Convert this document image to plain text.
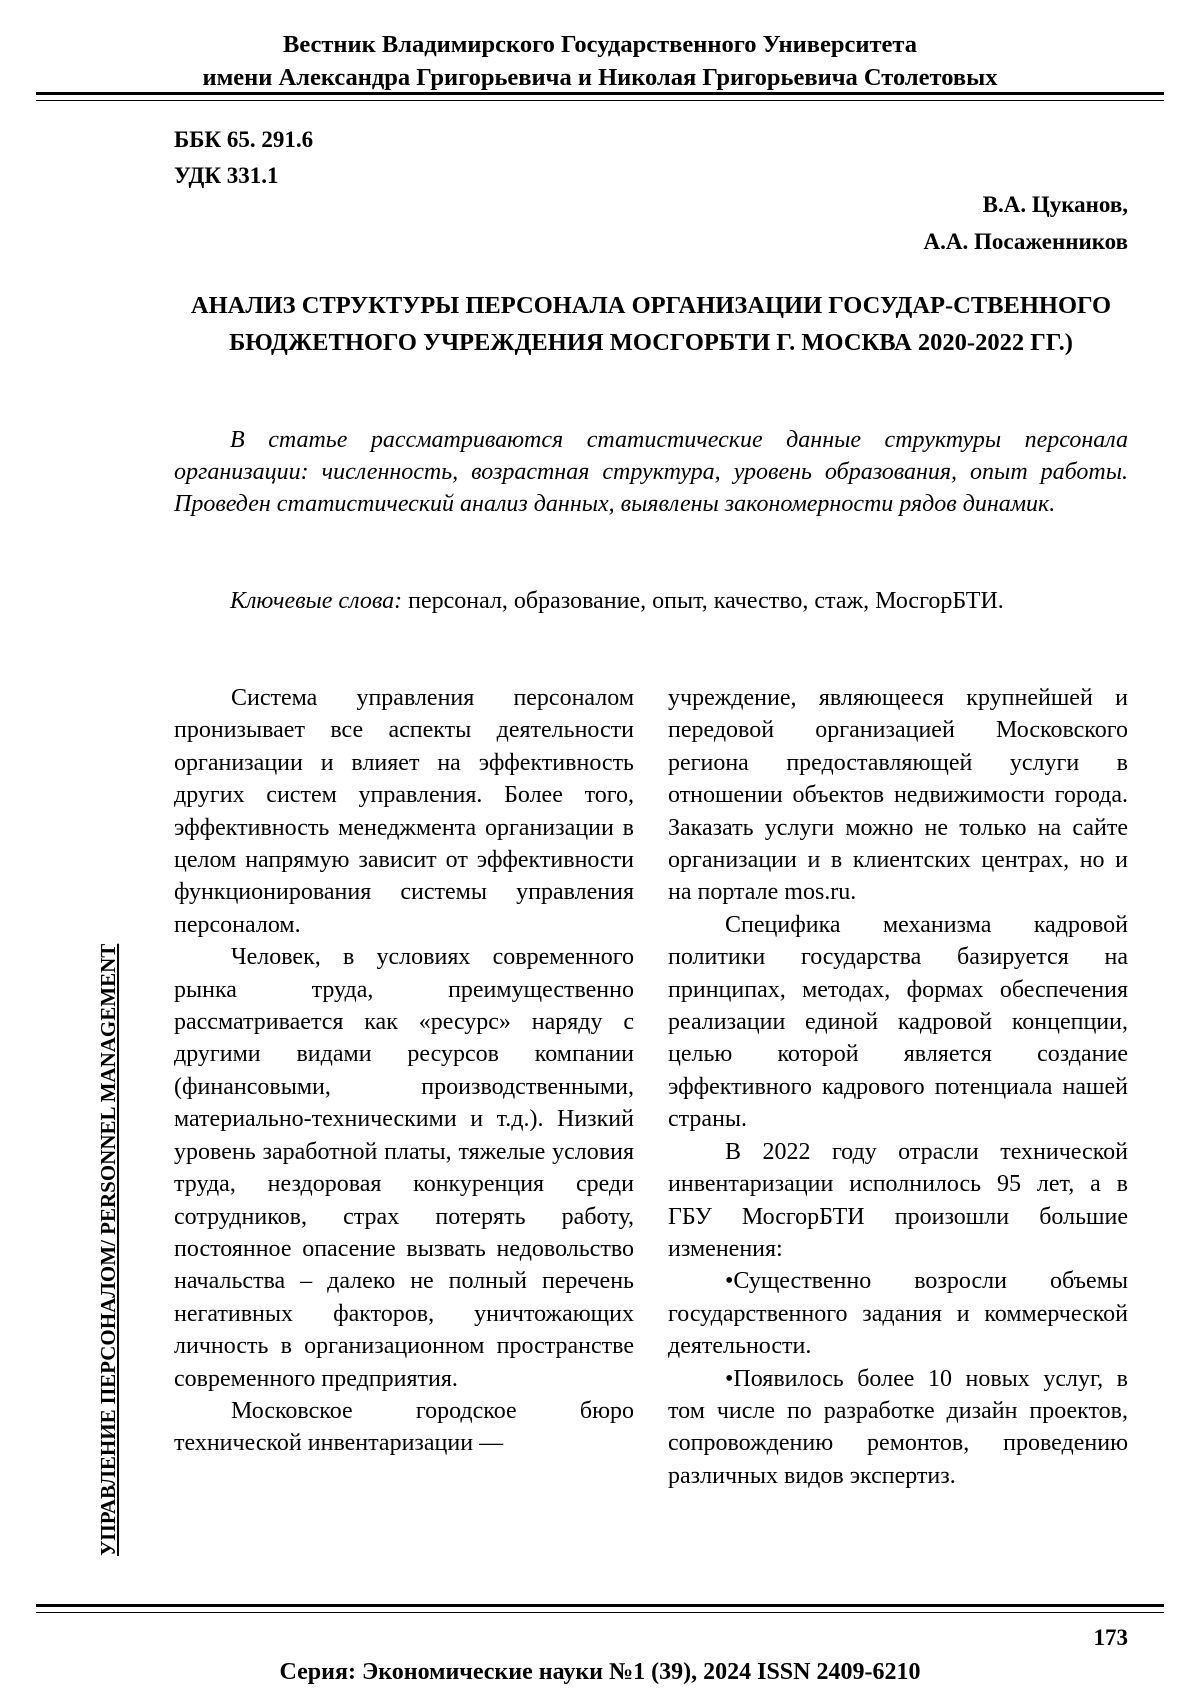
Вестник Владимирского Государственного Университета
имени Александра Григорьевича и Николая Григорьевича Столетовых
ББК 65. 291.6
УДК 331.1
В.А. Цуканов,
А.А. Посаженников
АНАЛИЗ СТРУКТУРЫ ПЕРСОНАЛА ОРГАНИЗАЦИИ ГОСУДАР-СТВЕННОГО БЮДЖЕТНОГО УЧРЕЖДЕНИЯ МОСГОРБТИ Г. МОСКВА 2020-2022 ГГ.)

В статье рассматриваются статистические данные структуры персонала организации: численность, возрастная структура, уровень образования, опыт работы. Проведен статистический анализ данных, выявлены закономерности рядов динамик.

Ключевые слова: персонал, образование, опыт, качество, стаж, МосгорБТИ.

Система управления персоналом пронизывает все аспекты деятельности организации и влияет на эффективность других систем управления. Более того, эффективность менеджмента организации в целом напрямую зависит от эффективности функционирования системы управления персоналом.

Человек, в условиях современного рынка труда, преимущественно рассматривается как «ресурс» наряду с другими видами ресурсов компании (финансовыми, производственными, материально-техническими и т.д.). Низкий уровень заработной платы, тяжелые условия труда, нездоровая конкуренция среди сотрудников, страх потерять работу, постоянное опасение вызвать недовольство начальства – далеко не полный перечень негативных факторов, уничтожающих личность в организационном пространстве современного предприятия.

Московское городское бюро технической инвентаризации —

учреждение, являющееся крупнейшей и передовой организацией Московского региона предоставляющей услуги в отношении объектов недвижимости города. Заказать услуги можно не только на сайте организации и в клиентских центрах, но и на портале mos.ru.

Специфика механизма кадровой политики государства базируется на принципах, методах, формах обеспечения реализации единой кадровой концепции, целью которой является создание эффективного кадрового потенциала нашей страны.

В 2022 году отрасли технической инвентаризации исполнилось 95 лет, а в ГБУ МосгорБТИ произошли большие изменения:

•Существенно возросли объемы государственного задания и коммерческой деятельности.

•Появилось более 10 новых услуг, в том числе по разработке дизайн проектов, сопровождению ремонтов, проведению различных видов экспертиз.

УПРАВЛЕНИЕ ПЕРСОНАЛОМ/ PERSONNEL MANAGEMENT
173
Серия: Экономические науки №1 (39), 2024 ISSN 2409-6210
